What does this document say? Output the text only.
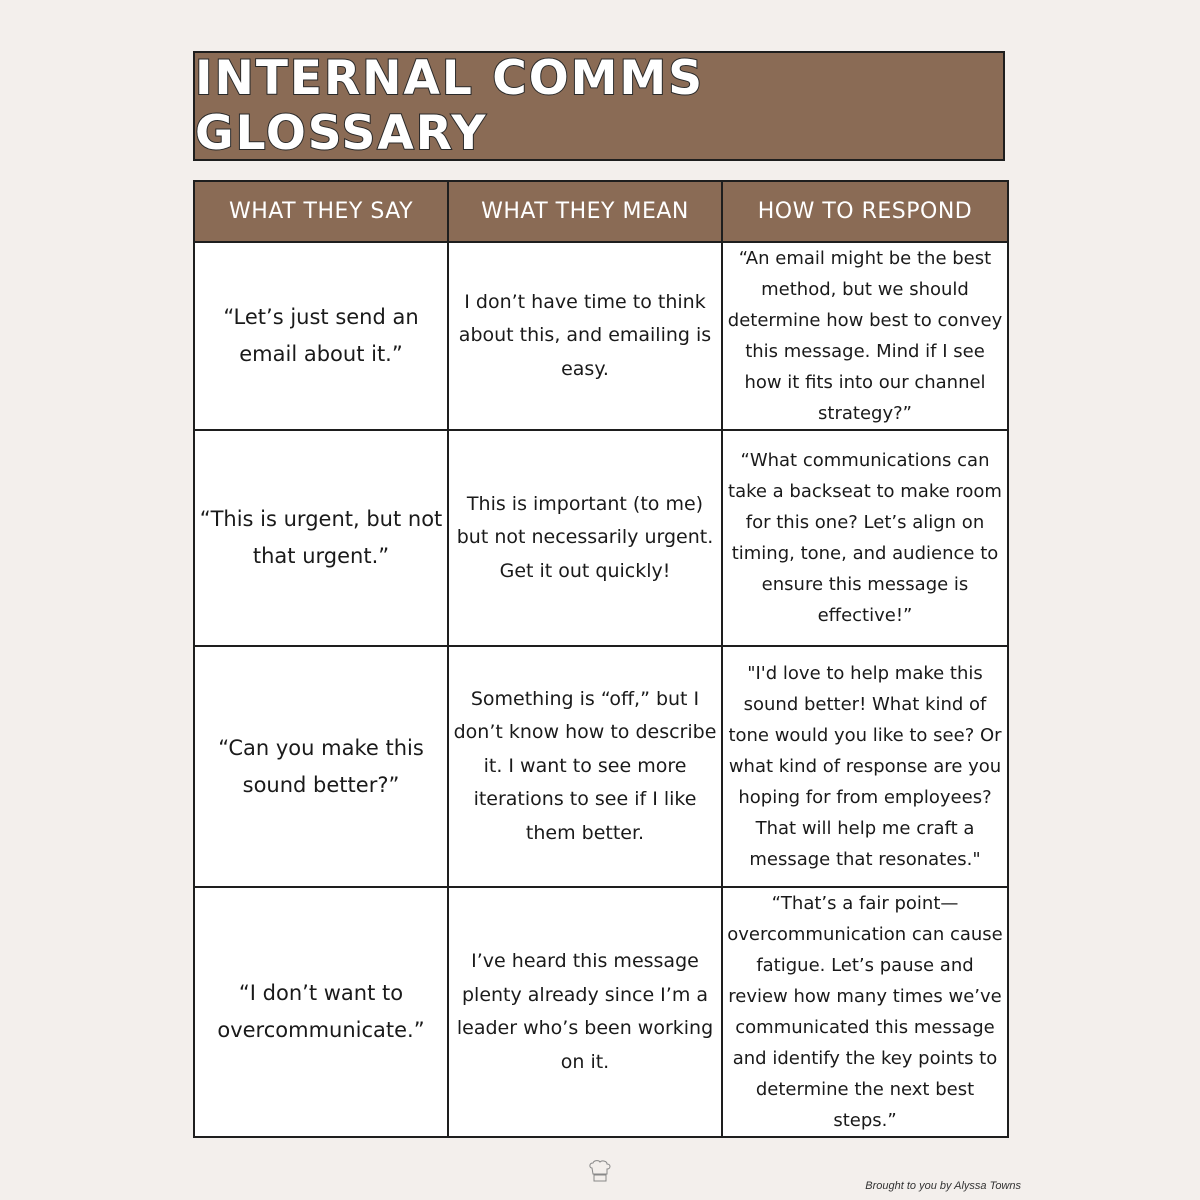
INTERNAL COMMS GLOSSARY
WHAT THEY SAY	WHAT THEY MEAN	HOW TO RESPOND
“Let’s just send an email about it.”	I don’t have time to think about this, and emailing is easy.	“An email might be the best method, but we should determine how best to convey this message. Mind if I see how it fits into our channel strategy?”
“This is urgent, but not that urgent.”	This is important (to me) but not necessarily urgent. Get it out quickly!	“What communications can take a backseat to make room for this one? Let’s align on timing, tone, and audience to ensure this message is effective!”
“Can you make this sound better?”	Something is “off,” but I don’t know how to describe it. I want to see more iterations to see if I like them better.	"I'd love to help make this sound better! What kind of tone would you like to see? Or what kind of response are you hoping for from employees? That will help me craft a message that resonates."
“I don’t want to overcommunicate.”	I’ve heard this message plenty already since I’m a leader who’s been working on it.	“That’s a fair point—overcommunication can cause fatigue. Let’s pause and review how many times we’ve communicated this message and identify the key points to determine the next best steps.”
Brought to you by Alyssa Towns
